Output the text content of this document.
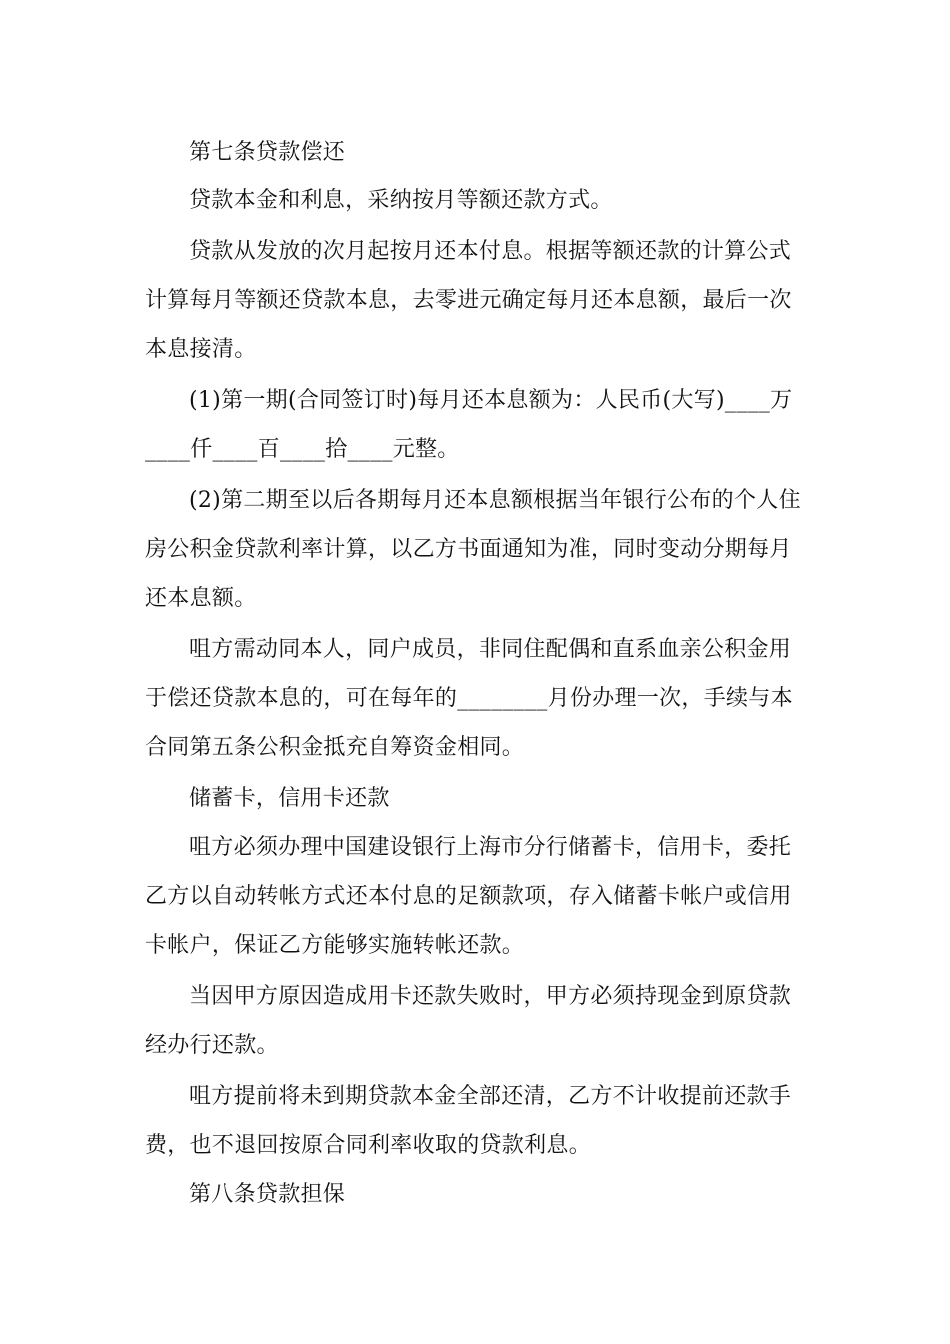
第七条贷款偿还
贷款本金和利息，采纳按月等额还款方式。
贷款从发放的次月起按月还本付息。根据等额还款的计算公式
计算每月等额还贷款本息，去零进元确定每月还本息额，最后一次
本息接清。
(1)第一期(合同签订时)每月还本息额为：人民币(大写)____万
____仟____百____拾____元整。
(2)第二期至以后各期每月还本息额根据当年银行公布的个人住
房公积金贷款利率计算，以乙方书面通知为准，同时变动分期每月
还本息额。
咀方需动同本人，同户成员，非同住配偶和直系血亲公积金用
于偿还贷款本息的，可在每年的________月份办理一次，手续与本
合同第五条公积金抵充自筹资金相同。
储蓄卡，信用卡还款
咀方必须办理中国建设银行上海市分行储蓄卡，信用卡，委托
乙方以自动转帐方式还本付息的足额款项，存入储蓄卡帐户或信用
卡帐户，保证乙方能够实施转帐还款。
当因甲方原因造成用卡还款失败时，甲方必须持现金到原贷款
经办行还款。
咀方提前将未到期贷款本金全部还清，乙方不计收提前还款手
费，也不退回按原合同利率收取的贷款利息。
第八条贷款担保
